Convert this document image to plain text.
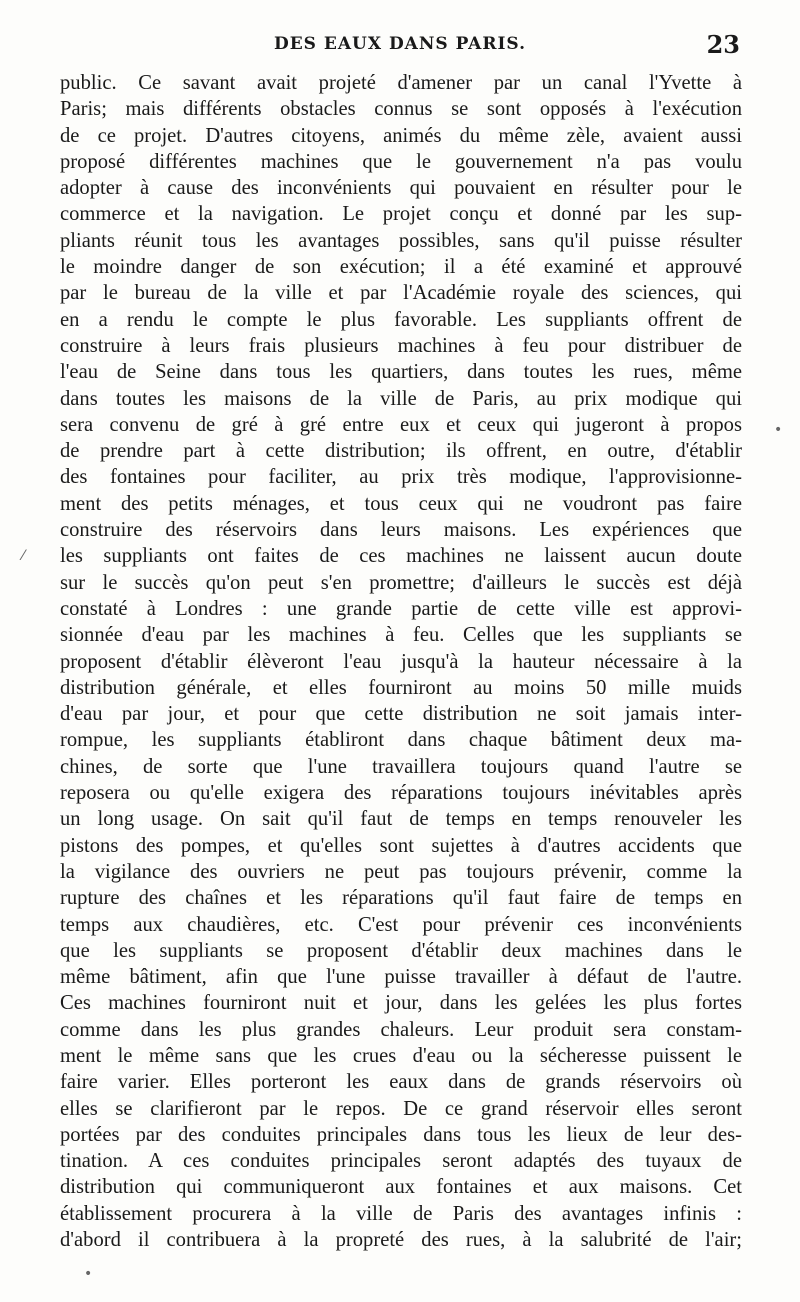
DES EAUX DANS PARIS.	23
public. Ce savant avait projeté d'amener par un canal l'Yvette à
Paris; mais différents obstacles connus se sont opposés à l'exécution
de ce projet. D'autres citoyens, animés du même zèle, avaient aussi
proposé différentes machines que le gouvernement n'a pas voulu
adopter à cause des inconvénients qui pouvaient en résulter pour le
commerce et la navigation. Le projet conçu et donné par les sup-
pliants réunit tous les avantages possibles, sans qu'il puisse résulter
le moindre danger de son exécution; il a été examiné et approuvé
par le bureau de la ville et par l'Académie royale des sciences, qui
en a rendu le compte le plus favorable. Les suppliants offrent de
construire à leurs frais plusieurs machines à feu pour distribuer de
l'eau de Seine dans tous les quartiers, dans toutes les rues, même
dans toutes les maisons de la ville de Paris, au prix modique qui
sera convenu de gré à gré entre eux et ceux qui jugeront à propos
de prendre part à cette distribution; ils offrent, en outre, d'établir
des fontaines pour faciliter, au prix très modique, l'approvisionne-
ment des petits ménages, et tous ceux qui ne voudront pas faire
construire des réservoirs dans leurs maisons. Les expériences que
les suppliants ont faites de ces machines ne laissent aucun doute
sur le succès qu'on peut s'en promettre; d'ailleurs le succès est déjà
constaté à Londres : une grande partie de cette ville est approvi-
sionnée d'eau par les machines à feu. Celles que les suppliants se
proposent d'établir élèveront l'eau jusqu'à la hauteur nécessaire à la
distribution générale, et elles fourniront au moins 50 mille muids
d'eau par jour, et pour que cette distribution ne soit jamais inter-
rompue, les suppliants établiront dans chaque bâtiment deux ma-
chines, de sorte que l'une travaillera toujours quand l'autre se
reposera ou qu'elle exigera des réparations toujours inévitables après
un long usage. On sait qu'il faut de temps en temps renouveler les
pistons des pompes, et qu'elles sont sujettes à d'autres accidents que
la vigilance des ouvriers ne peut pas toujours prévenir, comme la
rupture des chaînes et les réparations qu'il faut faire de temps en
temps aux chaudières, etc. C'est pour prévenir ces inconvénients
que les suppliants se proposent d'établir deux machines dans le
même bâtiment, afin que l'une puisse travailler à défaut de l'autre.
Ces machines fourniront nuit et jour, dans les gelées les plus fortes
comme dans les plus grandes chaleurs. Leur produit sera constam-
ment le même sans que les crues d'eau ou la sécheresse puissent le
faire varier. Elles porteront les eaux dans de grands réservoirs où
elles se clarifieront par le repos. De ce grand réservoir elles seront
portées par des conduites principales dans tous les lieux de leur des-
tination. A ces conduites principales seront adaptés des tuyaux de
distribution qui communiqueront aux fontaines et aux maisons. Cet
établissement procurera à la ville de Paris des avantages infinis :
d'abord il contribuera à la propreté des rues, à la salubrité de l'air;
•
⁄
•
